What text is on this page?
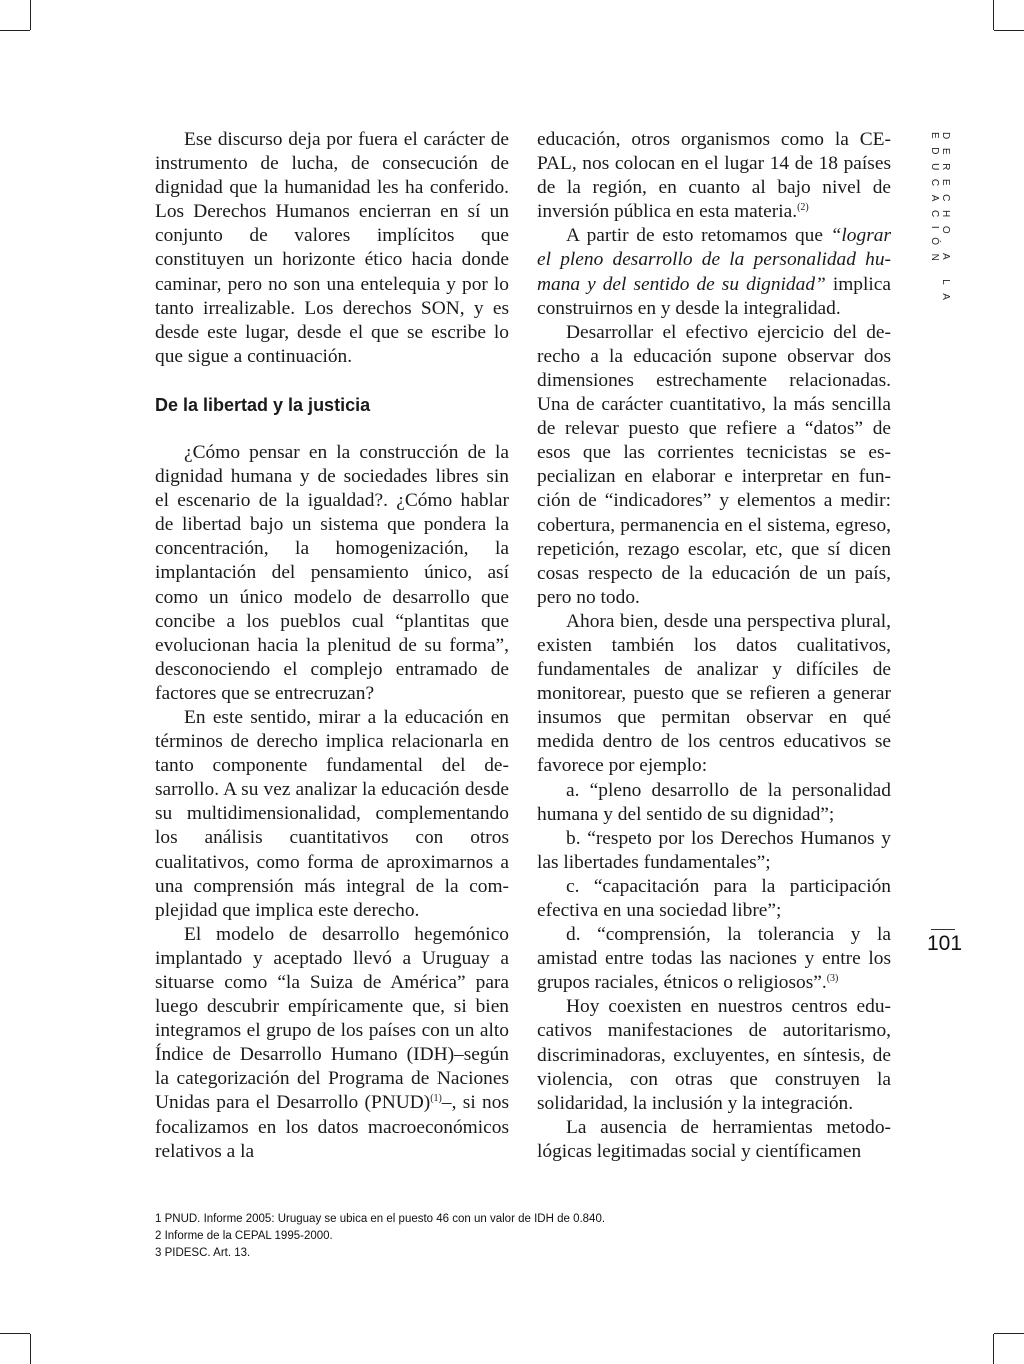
Ese discurso deja por fuera el carácter de instrumento de lucha, de consecución de dignidad que la humanidad les ha conferido. Los Derechos Humanos encierran en sí un conjunto de valores implícitos que constituyen un horizonte ético hacia donde caminar, pero no son una entelequia y por lo tanto irrealizable. Los derechos SON, y es desde este lugar, desde el que se escribe lo que sigue a continuación.

De la libertad y la justicia

¿Cómo pensar en la construcción de la dignidad humana y de sociedades libres sin el escenario de la igualdad?. ¿Cómo hablar de libertad bajo un sistema que pondera la concentración, la homogenización, la implantación del pensamiento único, así como un único modelo de desarrollo que concibe a los pueblos cual “plantitas que evolucionan hacia la plenitud de su forma”, desconociendo el complejo entramado de factores que se entrecruzan?

En este sentido, mirar a la educación en términos de derecho implica relacionarla en tanto componente fundamental del desarrollo. A su vez analizar la educación desde su multidimensionalidad, complementando los análisis cuantitativos con otros cualitativos, como forma de aproximarnos a una comprensión más integral de la complejidad que implica este derecho.

El modelo de desarrollo hegemónico implantado y aceptado llevó a Uruguay a situarse como “la Suiza de América” para luego descubrir empíricamente que, si bien integramos el grupo de los países con un alto Índice de Desarrollo Humano (IDH)–según la categorización del Programa de Naciones Unidas para el Desarrollo (PNUD)$^{(1)}$–, si nos focalizamos en los datos macroeconómicos relativos a la

educación, otros organismos como la CEPAL, nos colocan en el lugar 14 de 18 países de la región, en cuanto al bajo nivel de inversión pública en esta materia.$^{(2)}$

A partir de esto retomamos que “lograr el pleno desarrollo de la personalidad humana y del sentido de su dignidad” implica construirnos en y desde la integralidad.

Desarrollar el efectivo ejercicio del derecho a la educación supone observar dos dimensiones estrechamente relacionadas. Una de carácter cuantitativo, la más sencilla de relevar puesto que refiere a “datos” de esos que las corrientes tecnicistas se especializan en elaborar e interpretar en función de “indicadores” y elementos a medir: cobertura, permanencia en el sistema, egreso, repetición, rezago escolar, etc, que sí dicen cosas respecto de la educación de un país, pero no todo.

Ahora bien, desde una perspectiva plural, existen también los datos cualitativos, fundamentales de analizar y difíciles de monitorear, puesto que se refieren a generar insumos que permitan observar en qué medida dentro de los centros educativos se favorece por ejemplo:

a. “pleno desarrollo de la personalidad humana y del sentido de su dignidad”;

b. “respeto por los Derechos Humanos y las libertades fundamentales”;

c. “capacitación para la participación efectiva en una sociedad libre”;

d. “comprensión, la tolerancia y la amistad entre todas las naciones y entre los grupos raciales, étnicos o religiosos”.$^{(3)}$

Hoy coexisten en nuestros centros educativos manifestaciones de autoritarismo, discriminadoras, excluyentes, en síntesis, de violencia, con otras que construyen la solidaridad, la inclusión y la integración.

La ausencia de herramientas metodológicas legitimadas social y científicamen

DERECHO A LA EDUCACIÓN
101
1 PNUD. Informe 2005: Uruguay se ubica en el puesto 46 con un valor de IDH de 0.840.
2 Informe de la CEPAL 1995-2000.
3 PIDESC. Art. 13.
